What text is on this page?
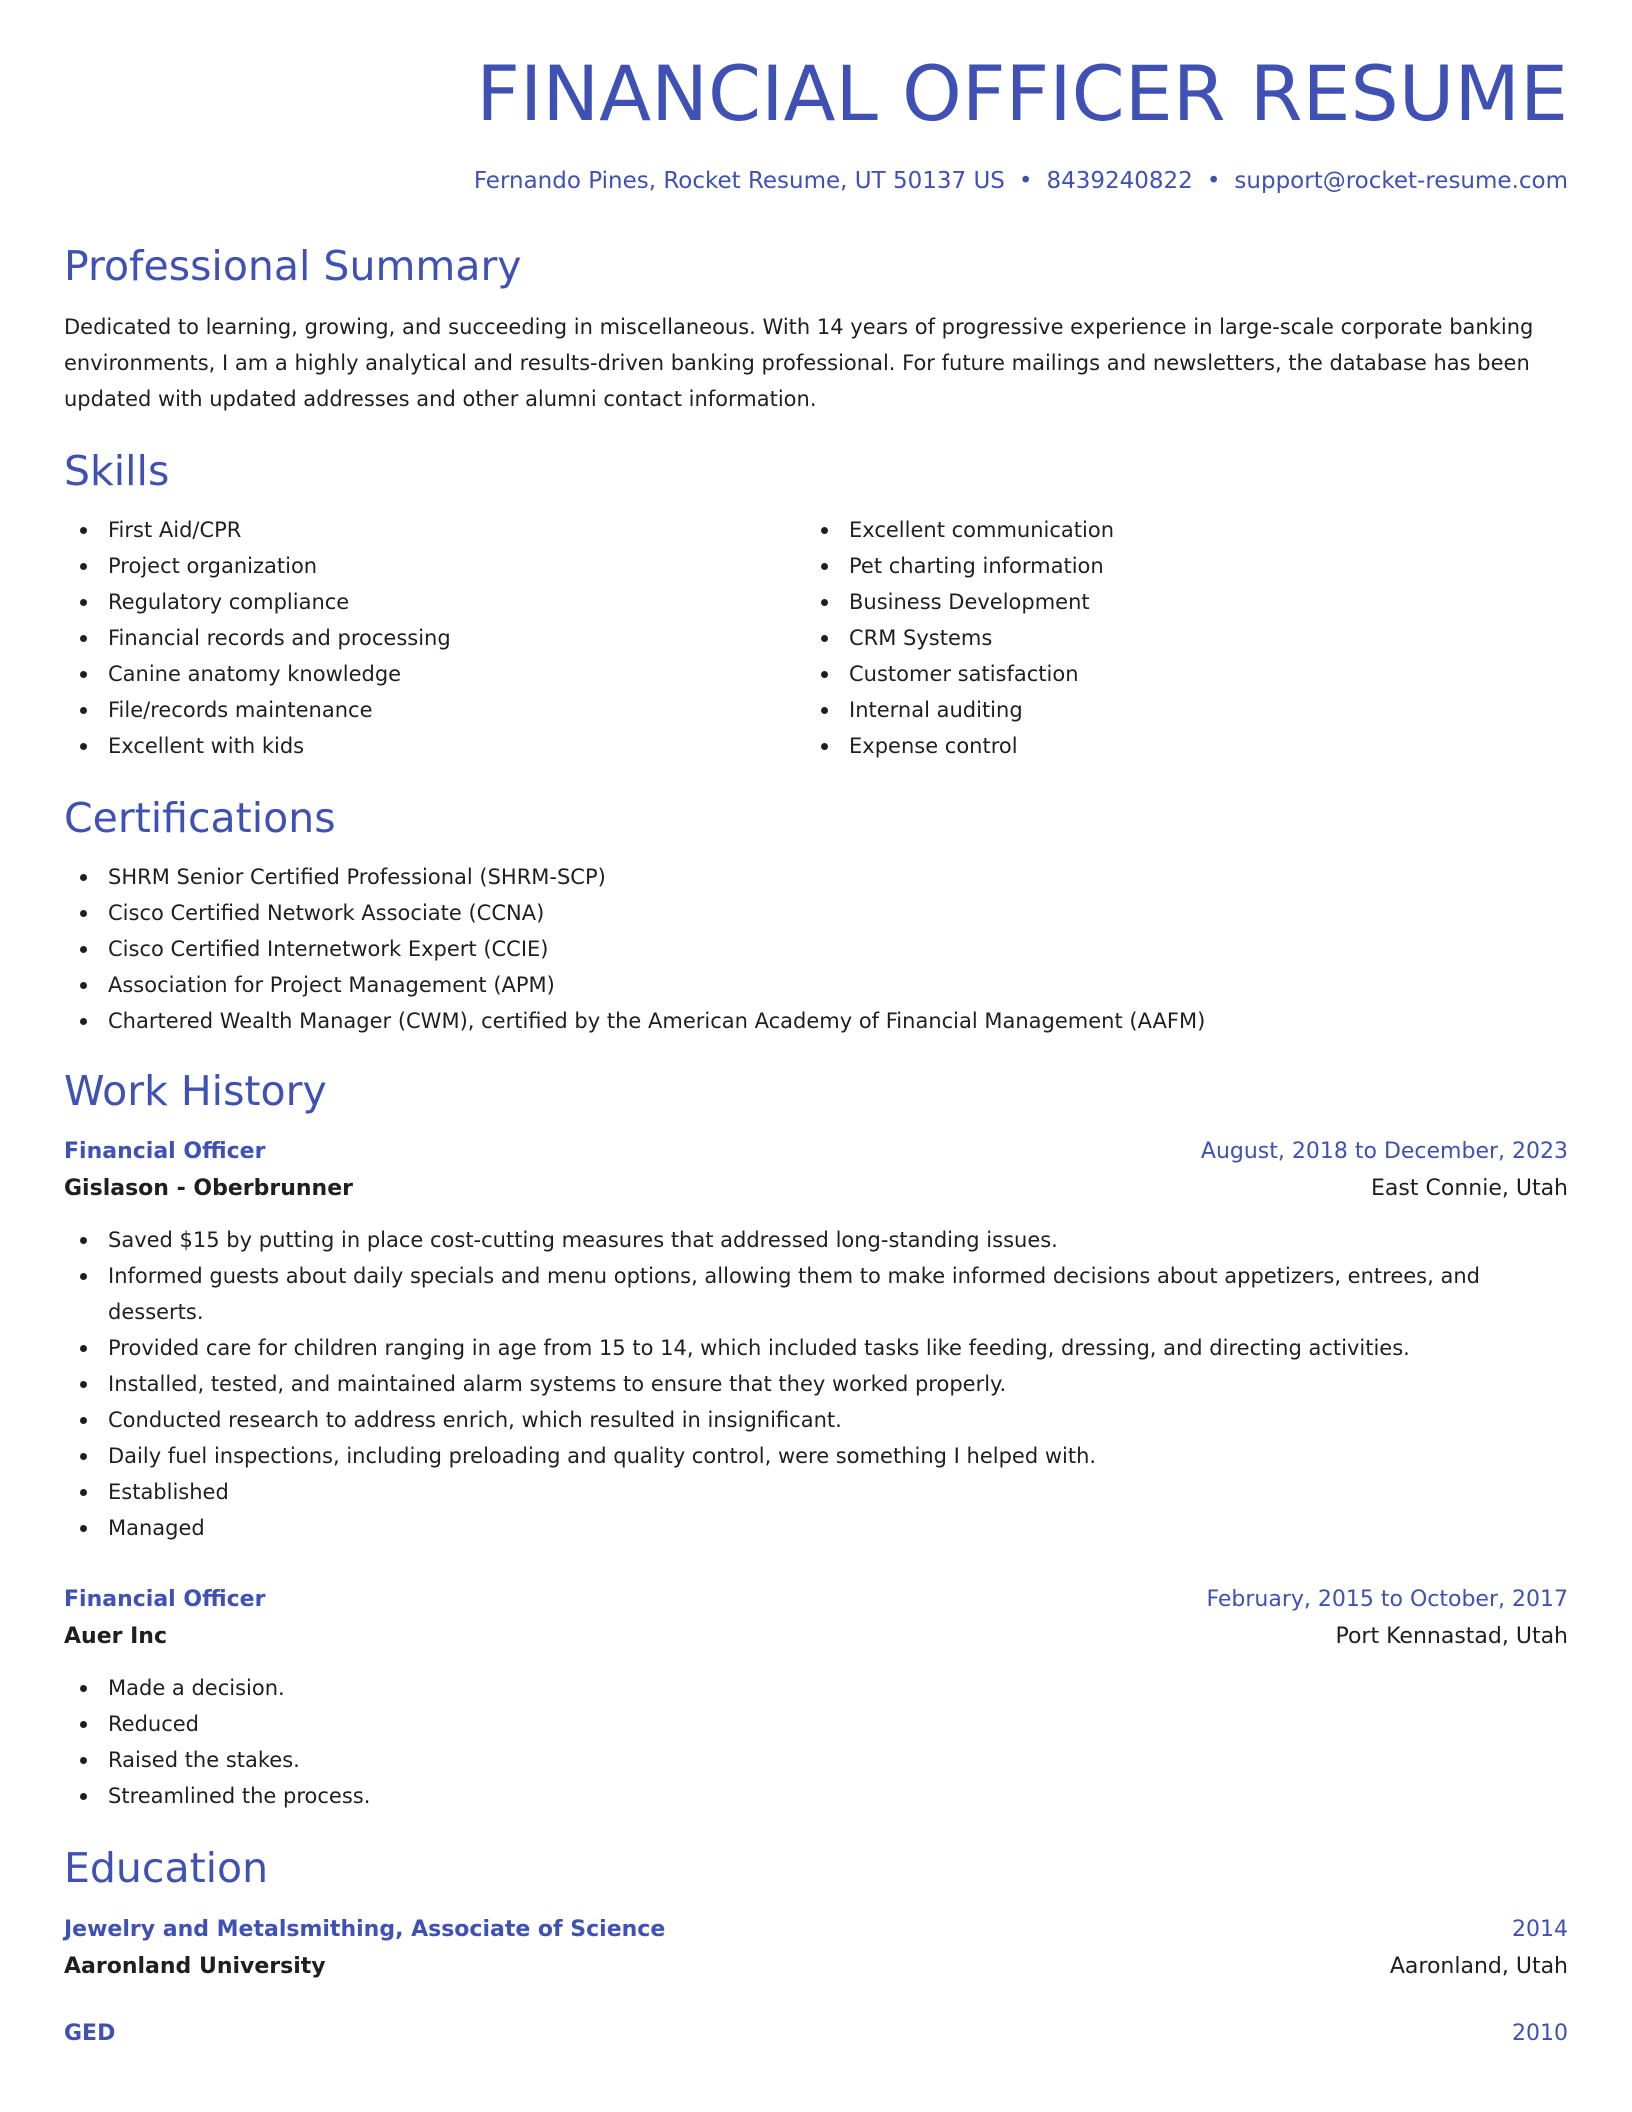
FINANCIAL OFFICER RESUME
Fernando Pines, Rocket Resume, UT 50137 US • 8439240822 • support@rocket-resume.com
Professional Summary

Dedicated to learning, growing, and succeeding in miscellaneous. With 14 years of progressive experience in large-scale corporate banking environments, I am a highly analytical and results-driven banking professional. For future mailings and newsletters, the database has been updated with updated addresses and other alumni contact information.

Skills
First Aid/CPR
Project organization
Regulatory compliance
Financial records and processing
Canine anatomy knowledge
File/records maintenance
Excellent with kids
Excellent communication
Pet charting information
Business Development
CRM Systems
Customer satisfaction
Internal auditing
Expense control
Certifications
SHRM Senior Certified Professional (SHRM-SCP)
Cisco Certified Network Associate (CCNA)
Cisco Certified Internetwork Expert (CCIE)
Association for Project Management (APM)
Chartered Wealth Manager (CWM), certified by the American Academy of Financial Management (AAFM)
Work History
Financial Officer	August, 2018 to December, 2023
Gislason - Oberbrunner	East Connie, Utah
Saved $15 by putting in place cost-cutting measures that addressed long-standing issues.
Informed guests about daily specials and menu options, allowing them to make informed decisions about appetizers, entrees, and desserts.
Provided care for children ranging in age from 15 to 14, which included tasks like feeding, dressing, and directing activities.
Installed, tested, and maintained alarm systems to ensure that they worked properly.
Conducted research to address enrich, which resulted in insignificant.
Daily fuel inspections, including preloading and quality control, were something I helped with.
Established
Managed
Financial Officer	February, 2015 to October, 2017
Auer Inc	Port Kennastad, Utah
Made a decision.
Reduced
Raised the stakes.
Streamlined the process.
Education
Jewelry and Metalsmithing, Associate of Science	2014
Aaronland University	Aaronland, Utah
GED	2010
